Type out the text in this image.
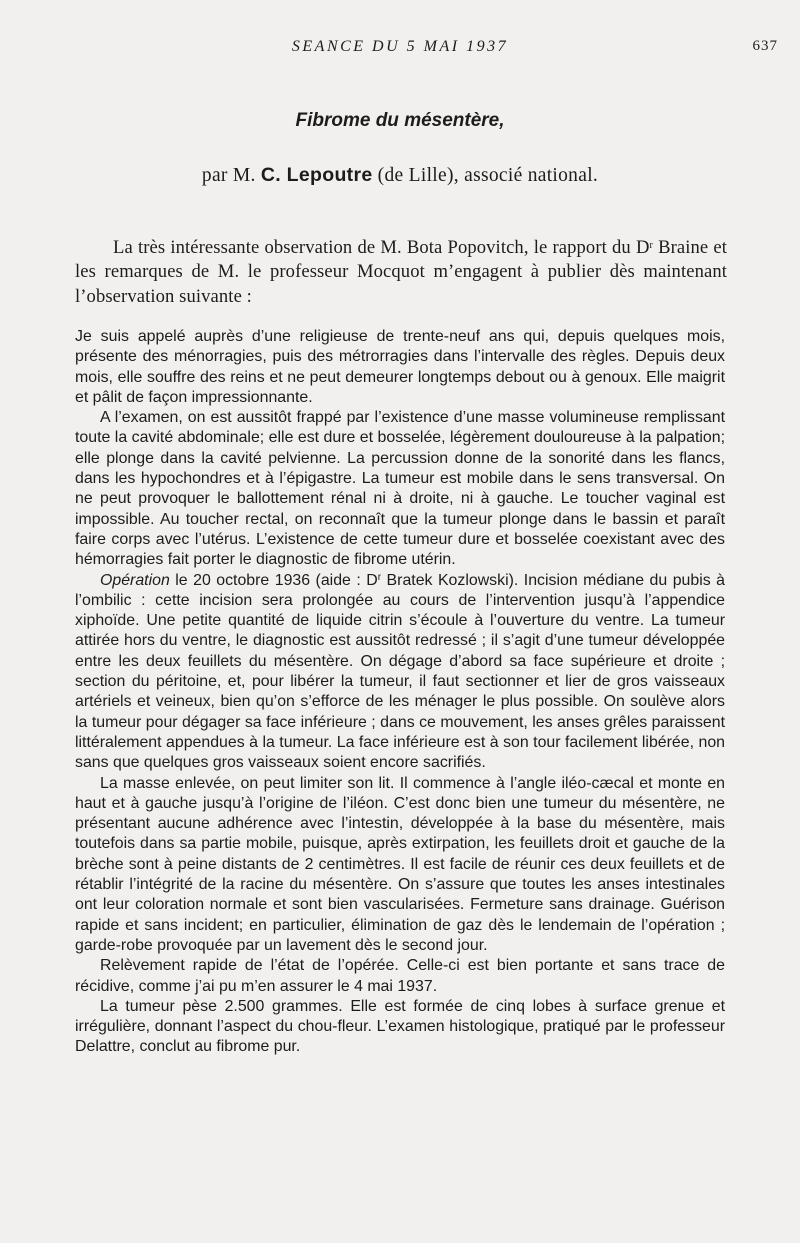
SEANCE DU 5 MAI 1937	637
Fibrome du mésentère,
par M. C. Lepoutre (de Lille), associé national.

La très intéressante observation de M. Bota Popovitch, le rapport du $D^r$ Braine et les remarques de M. le professeur Mocquot m’engagent à publier dès maintenant l’observation suivante :

Je suis appelé auprès d’une religieuse de trente-neuf ans qui, depuis quelques mois, présente des ménorragies, puis des métrorragies dans l’intervalle des règles. Depuis deux mois, elle souffre des reins et ne peut demeurer longtemps debout ou à genoux. Elle maigrit et pâlit de façon impressionnante.

A l’examen, on est aussitôt frappé par l’existence d’une masse volumineuse remplissant toute la cavité abdominale; elle est dure et bosselée, légèrement douloureuse à la palpation; elle plonge dans la cavité pelvienne. La percussion donne de la sonorité dans les flancs, dans les hypochondres et à l’épigastre. La tumeur est mobile dans le sens transversal. On ne peut provoquer le ballottement rénal ni à droite, ni à gauche. Le toucher vaginal est impossible. Au toucher rectal, on reconnaît que la tumeur plonge dans le bassin et paraît faire corps avec l’utérus. L’existence de cette tumeur dure et bosselée coexistant avec des hémorragies fait porter le diagnostic de fibrome utérin.

Opération le 20 octobre 1936 (aide : $D^r$ Bratek Kozlowski). Incision médiane du pubis à l’ombilic : cette incision sera prolongée au cours de l’intervention jusqu’à l’appendice xiphoïde. Une petite quantité de liquide citrin s’écoule à l’ouverture du ventre. La tumeur attirée hors du ventre, le diagnostic est aussitôt redressé ; il s’agit d’une tumeur développée entre les deux feuillets du mésentère. On dégage d’abord sa face supérieure et droite ; section du péritoine, et, pour libérer la tumeur, il faut sectionner et lier de gros vaisseaux artériels et veineux, bien qu’on s’efforce de les ménager le plus possible. On soulève alors la tumeur pour dégager sa face inférieure ; dans ce mouvement, les anses grêles paraissent littéralement appendues à la tumeur. La face inférieure est à son tour facilement libérée, non sans que quelques gros vaisseaux soient encore sacrifiés.

La masse enlevée, on peut limiter son lit. Il commence à l’angle iléo-cæcal et monte en haut et à gauche jusqu’à l’origine de l’iléon. C’est donc bien une tumeur du mésentère, ne présentant aucune adhérence avec l’intestin, développée à la base du mésentère, mais toutefois dans sa partie mobile, puisque, après extirpation, les feuillets droit et gauche de la brèche sont à peine distants de 2 centimètres. Il est facile de réunir ces deux feuillets et de rétablir l’intégrité de la racine du mésentère. On s’assure que toutes les anses intestinales ont leur coloration normale et sont bien vascularisées. Fermeture sans drainage. Guérison rapide et sans incident; en particulier, élimination de gaz dès le lendemain de l’opération ; garde-robe provoquée par un lavement dès le second jour.

Relèvement rapide de l’état de l’opérée. Celle-ci est bien portante et sans trace de récidive, comme j’ai pu m’en assurer le 4 mai 1937.

La tumeur pèse 2.500 grammes. Elle est formée de cinq lobes à surface grenue et irrégulière, donnant l’aspect du chou-fleur. L’examen histologique, pratiqué par le professeur Delattre, conclut au fibrome pur.
